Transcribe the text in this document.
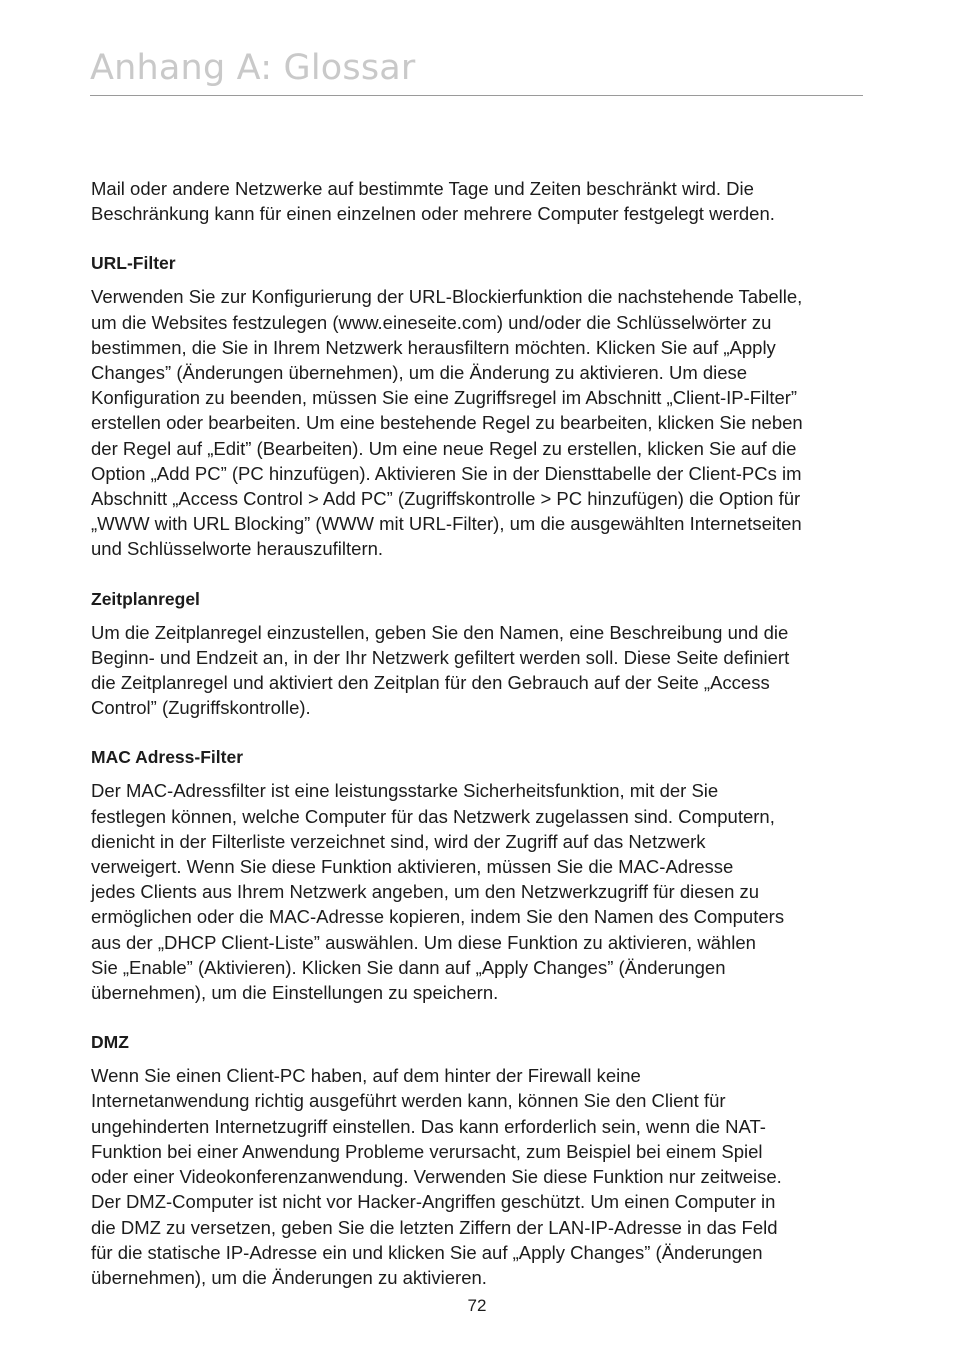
Anhang A: Glossar

Mail oder andere Netzwerke auf bestimmte Tage und Zeiten beschränkt wird. Die
Beschränkung kann für einen einzelnen oder mehrere Computer festgelegt werden.

URL-Filter

Verwenden Sie zur Konfigurierung der URL-Blockierfunktion die nachstehende Tabelle,
um die Websites festzulegen (www.eineseite.com) und/oder die Schlüsselwörter zu
bestimmen, die Sie in Ihrem Netzwerk herausfiltern möchten. Klicken Sie auf „Apply
Changes” (Änderungen übernehmen), um die Änderung zu aktivieren. Um diese
Konfiguration zu beenden, müssen Sie eine Zugriffsregel im Abschnitt „Client-IP-Filter”
erstellen oder bearbeiten. Um eine bestehende Regel zu bearbeiten, klicken Sie neben
der Regel auf „Edit” (Bearbeiten). Um eine neue Regel zu erstellen, klicken Sie auf die
Option „Add PC” (PC hinzufügen). Aktivieren Sie in der Diensttabelle der Client-PCs im
Abschnitt „Access Control > Add PC” (Zugriffskontrolle > PC hinzufügen) die Option für
„WWW with URL Blocking” (WWW mit URL-Filter), um die ausgewählten Internetseiten
und Schlüsselworte herauszufiltern.

Zeitplanregel

Um die Zeitplanregel einzustellen, geben Sie den Namen, eine Beschreibung und die
Beginn- und Endzeit an, in der Ihr Netzwerk gefiltert werden soll. Diese Seite definiert
die Zeitplanregel und aktiviert den Zeitplan für den Gebrauch auf der Seite „Access
Control” (Zugriffskontrolle).

MAC Adress-Filter

Der MAC-Adressfilter ist eine leistungsstarke Sicherheitsfunktion, mit der Sie
festlegen können, welche Computer für das Netzwerk zugelassen sind. Computern,
dienicht in der Filterliste verzeichnet sind, wird der Zugriff auf das Netzwerk
verweigert. Wenn Sie diese Funktion aktivieren, müssen Sie die MAC-Adresse
jedes Clients aus Ihrem Netzwerk angeben, um den Netzwerkzugriff für diesen zu
ermöglichen oder die MAC-Adresse kopieren, indem Sie den Namen des Computers
aus der „DHCP Client-Liste” auswählen. Um diese Funktion zu aktivieren, wählen
Sie „Enable” (Aktivieren). Klicken Sie dann auf „Apply Changes” (Änderungen
übernehmen), um die Einstellungen zu speichern.

DMZ

Wenn Sie einen Client-PC haben, auf dem hinter der Firewall keine
Internetanwendung richtig ausgeführt werden kann, können Sie den Client für
ungehinderten Internetzugriff einstellen. Das kann erforderlich sein, wenn die NAT-
Funktion bei einer Anwendung Probleme verursacht, zum Beispiel bei einem Spiel
oder einer Videokonferenzanwendung. Verwenden Sie diese Funktion nur zeitweise.
Der DMZ-Computer ist nicht vor Hacker-Angriffen geschützt. Um einen Computer in
die DMZ zu versetzen, geben Sie die letzten Ziffern der LAN-IP-Adresse in das Feld
für die statische IP-Adresse ein und klicken Sie auf „Apply Changes” (Änderungen
übernehmen), um die Änderungen zu aktivieren.

72
